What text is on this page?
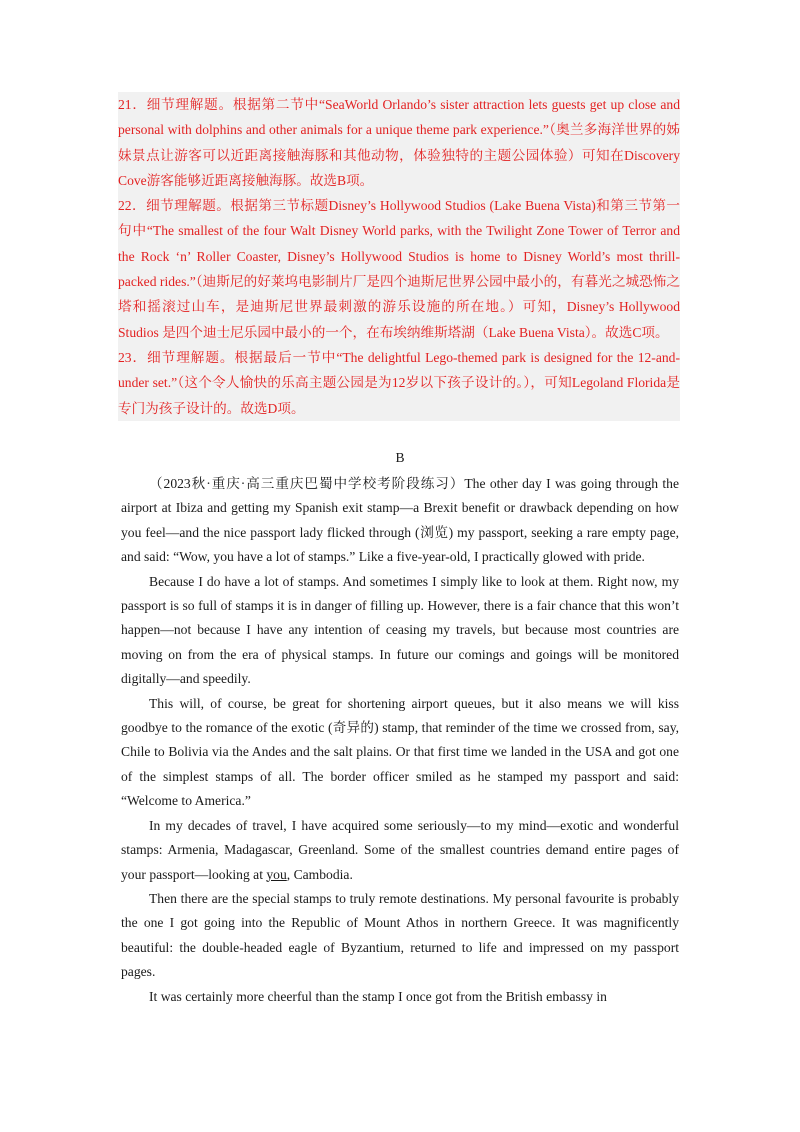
21．细节理解题。根据第二节中“SeaWorld Orlando’s sister attraction lets guests get up close and personal with dolphins and other animals for a unique theme park experience.”（奥兰多海洋世界的姊妹景点让游客可以近距离接触海豚和其他动物，体验独特的主题公园体验）可知在Discovery Cove游客能够近距离接触海豚。故选B项。

22．细节理解题。根据第三节标题Disney’s Hollywood Studios (Lake Buena Vista)和第三节第一句中“The smallest of the four Walt Disney World parks, with the Twilight Zone Tower of Terror and the Rock ‘n’ Roller Coaster, Disney’s Hollywood Studios is home to Disney World’s most thrill-packed rides.”（迪斯尼的好莱坞电影制片厂是四个迪斯尼世界公园中最小的，有暮光之城恐怖之塔和摇滚过山车，是迪斯尼世界最刺激的游乐设施的所在地。）可知，Disney’s Hollywood Studios 是四个迪士尼乐园中最小的一个，在布埃纳维斯塔湖（Lake Buena Vista）。故选C项。

23．细节理解题。根据最后一节中“The delightful Lego-themed park is designed for the 12-and-under set.”（这个令人愉快的乐高主题公园是为12岁以下孩子设计的。），可知Legoland Florida是专门为孩子设计的。故选D项。

B

（2023秋·重庆·高三重庆巴蜀中学校考阶段练习）The other day I was going through the airport at Ibiza and getting my Spanish exit stamp—a Brexit benefit or drawback depending on how you feel—and the nice passport lady flicked through (浏览) my passport, seeking a rare empty page, and said: “Wow, you have a lot of stamps.” Like a five-year-old, I practically glowed with pride.

Because I do have a lot of stamps. And sometimes I simply like to look at them. Right now, my passport is so full of stamps it is in danger of filling up. However, there is a fair chance that this won’t happen—not because I have any intention of ceasing my travels, but because most countries are moving on from the era of physical stamps. In future our comings and goings will be monitored digitally—and speedily.

This will, of course, be great for shortening airport queues, but it also means we will kiss goodbye to the romance of the exotic (奇异的) stamp, that reminder of the time we crossed from, say, Chile to Bolivia via the Andes and the salt plains. Or that first time we landed in the USA and got one of the simplest stamps of all. The border officer smiled as he stamped my passport and said: “Welcome to America.”

In my decades of travel, I have acquired some seriously—to my mind—exotic and wonderful stamps: Armenia, Madagascar, Greenland. Some of the smallest countries demand entire pages of your passport—looking at you, Cambodia.

Then there are the special stamps to truly remote destinations. My personal favourite is probably the one I got going into the Republic of Mount Athos in northern Greece. It was magnificently beautiful: the double-headed eagle of Byzantium, returned to life and impressed on my passport pages.

It was certainly more cheerful than the stamp I once got from the British embassy in
